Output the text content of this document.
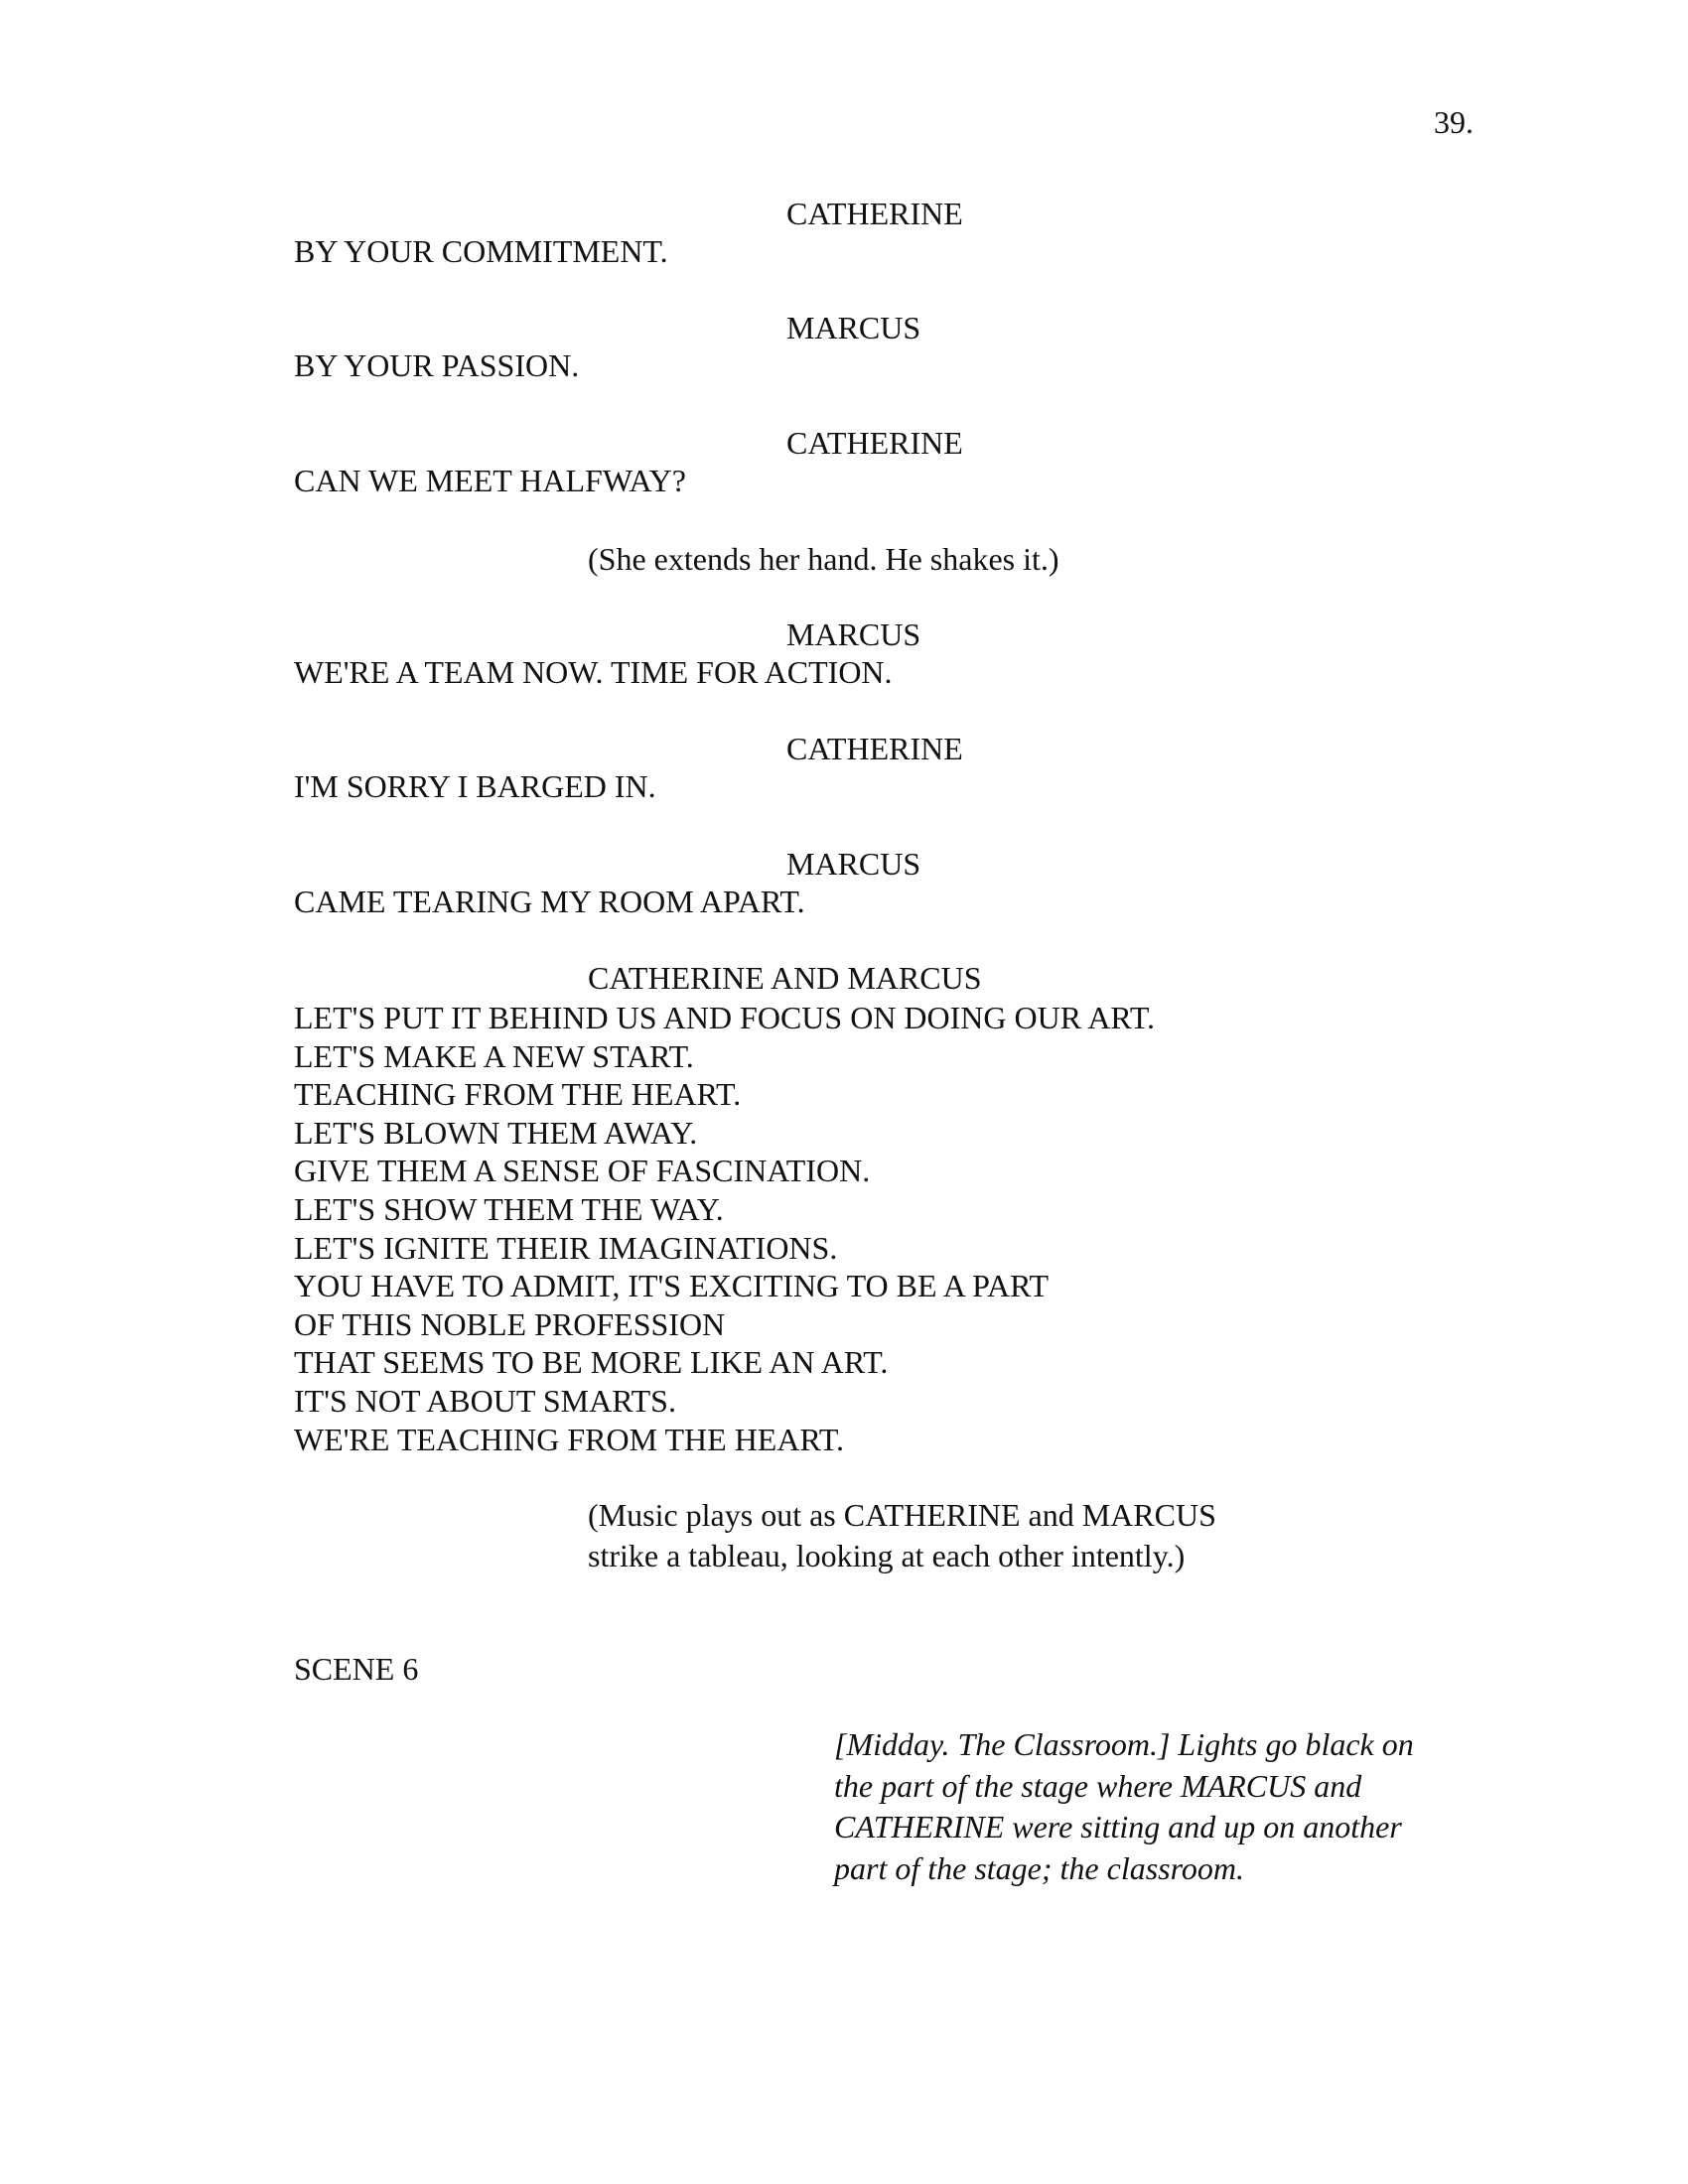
39.
CATHERINE
BY YOUR COMMITMENT.
MARCUS
BY YOUR PASSION.
CATHERINE
CAN WE MEET HALFWAY?
(She extends her hand. He shakes it.)
MARCUS
WE'RE A TEAM NOW. TIME FOR ACTION.
CATHERINE
I'M SORRY I BARGED IN.
MARCUS
CAME TEARING MY ROOM APART.
CATHERINE AND MARCUS
LET'S PUT IT BEHIND US AND FOCUS ON DOING OUR ART.
LET'S MAKE A NEW START.
TEACHING FROM THE HEART.
LET'S BLOWN THEM AWAY.
GIVE THEM A SENSE OF FASCINATION.
LET'S SHOW THEM THE WAY.
LET'S IGNITE THEIR IMAGINATIONS.
YOU HAVE TO ADMIT, IT'S EXCITING TO BE A PART
OF THIS NOBLE PROFESSION
THAT SEEMS TO BE MORE LIKE AN ART.
IT'S NOT ABOUT SMARTS.
WE'RE TEACHING FROM THE HEART.
(Music plays out as CATHERINE and MARCUS
strike a tableau, looking at each other intently.)
SCENE 6
[Midday. The Classroom.] Lights go black on
the part of the stage where MARCUS and
CATHERINE were sitting and up on another
part of the stage; the classroom.
